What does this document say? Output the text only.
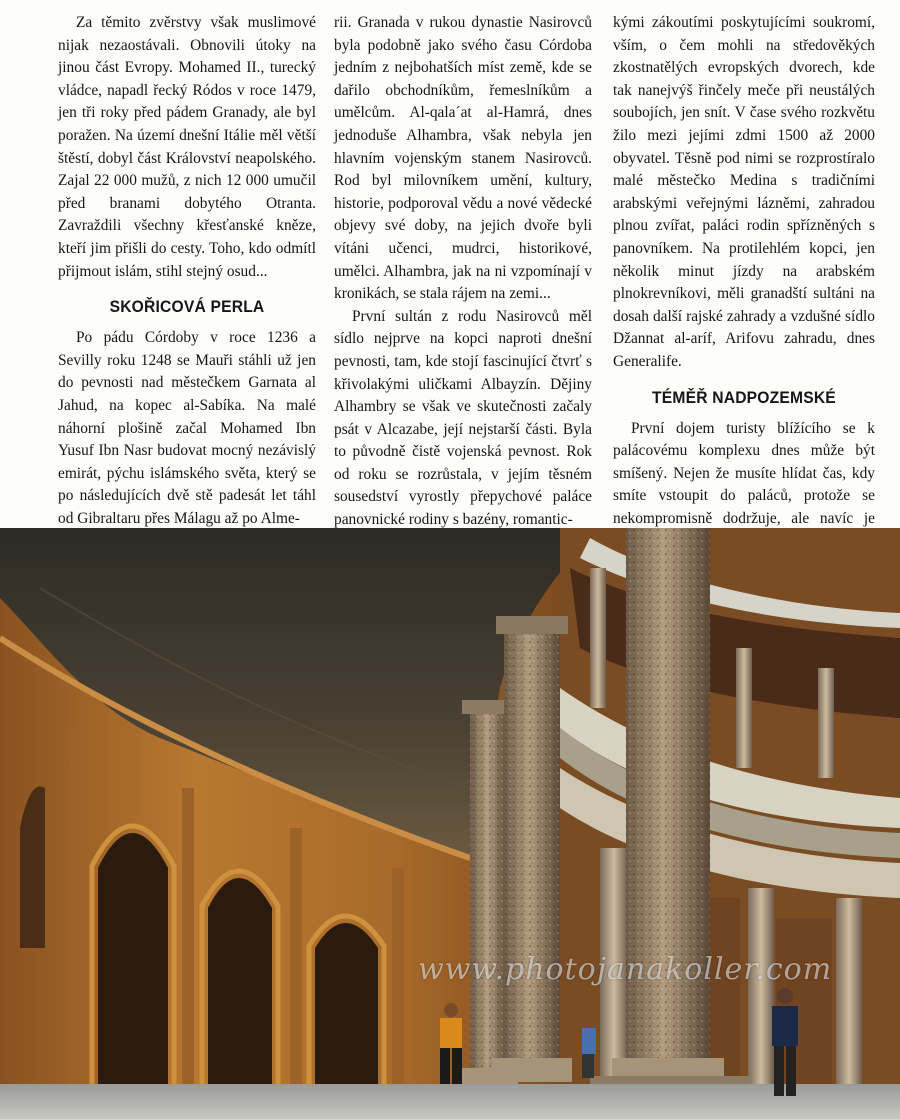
Za těmito zvěrstvy však muslimové nijak nezaostávali. Obnovili útoky na jinou část Evropy. Mohamed II., turecký vládce, napadl řecký Ródos v roce 1479, jen tři roky před pádem Granady, ale byl poražen. Na území dnešní Itálie měl větší štěstí, dobyl část Království neapolského. Zajal 22 000 mužů, z nich 12 000 umučil před branami dobytého Otranta. Zavraždili všechny křesťanské kněze, kteří jim přišli do cesty. Toho, kdo odmítl přijmout islám, stihl stejný osud...

SKOŘICOVÁ PERLA

Po pádu Córdoby v roce 1236 a Sevilly roku 1248 se Mauři stáhli už jen do pevnosti nad městečkem Garnata al Jahud, na kopec al-Sabíka. Na malé náhorní plošině začal Mohamed Ibn Yusuf Ibn Nasr budovat mocný nezávislý emirát, pýchu islámského světa, který se po následujících dvě stě padesát let táhl od Gibraltaru přes Málagu až po Alme-

rii. Granada v rukou dynastie Nasirovců byla podobně jako svého času Córdoba jedním z nejbohatších míst země, kde se dařilo obchodníkům, řemeslníkům a umělcům. Al-qala´at al-Hamrá, dnes jednoduše Alhambra, však nebyla jen hlavním vojenským stanem Nasirovců. Rod byl milovníkem umění, kultury, historie, podporoval vědu a nové vědecké objevy své doby, na jejich dvoře byli vítáni učenci, mudrci, historikové, umělci. Alhambra, jak na ni vzpomínají v kronikách, se stala rájem na zemi...

První sultán z rodu Nasirovců měl sídlo nejprve na kopci naproti dnešní pevnosti, tam, kde stojí fascinující čtvrť s křivolakými uličkami Albayzín. Dějiny Alhambry se však ve skutečnosti začaly psát v Alcazabe, její nejstarší části. Byla to původně čistě vojenská pevnost. Rok od roku se rozrůstala, v jejím těsném sousedství vyrostly přepychové paláce panovnické rodiny s bazény, romantic-

kými zákoutími poskytujícími soukromí, vším, o čem mohli na středověkých zkostnatělých evropských dvorech, kde tak nanejvýš řinčely meče při neustálých soubojích, jen snít. V čase svého rozkvětu žilo mezi jejími zdmi 1500 až 2000 obyvatel. Těsně pod nimi se rozprostíralo malé městečko Medina s tradičními arabskými veřejnými lázněmi, zahradou plnou zvířat, paláci rodin spřízněných s panovníkem. Na protilehlém kopci, jen několik minut jízdy na arabském plnokrevníkovi, měli granadští sultáni na dosah další rajské zahrady a vzdušné sídlo Džannat al-aríf, Arifovu zahradu, dnes Generalife.

TÉMĚŘ NADPOZEMSKÉ

První dojem turisty blížícího se k palácovému komplexu dnes může být smíšený. Nejen že musíte hlídat čas, kdy smíte vstoupit do paláců, protože se nekompromisně dodržuje, ale navíc je

www.photojanakoller.com
